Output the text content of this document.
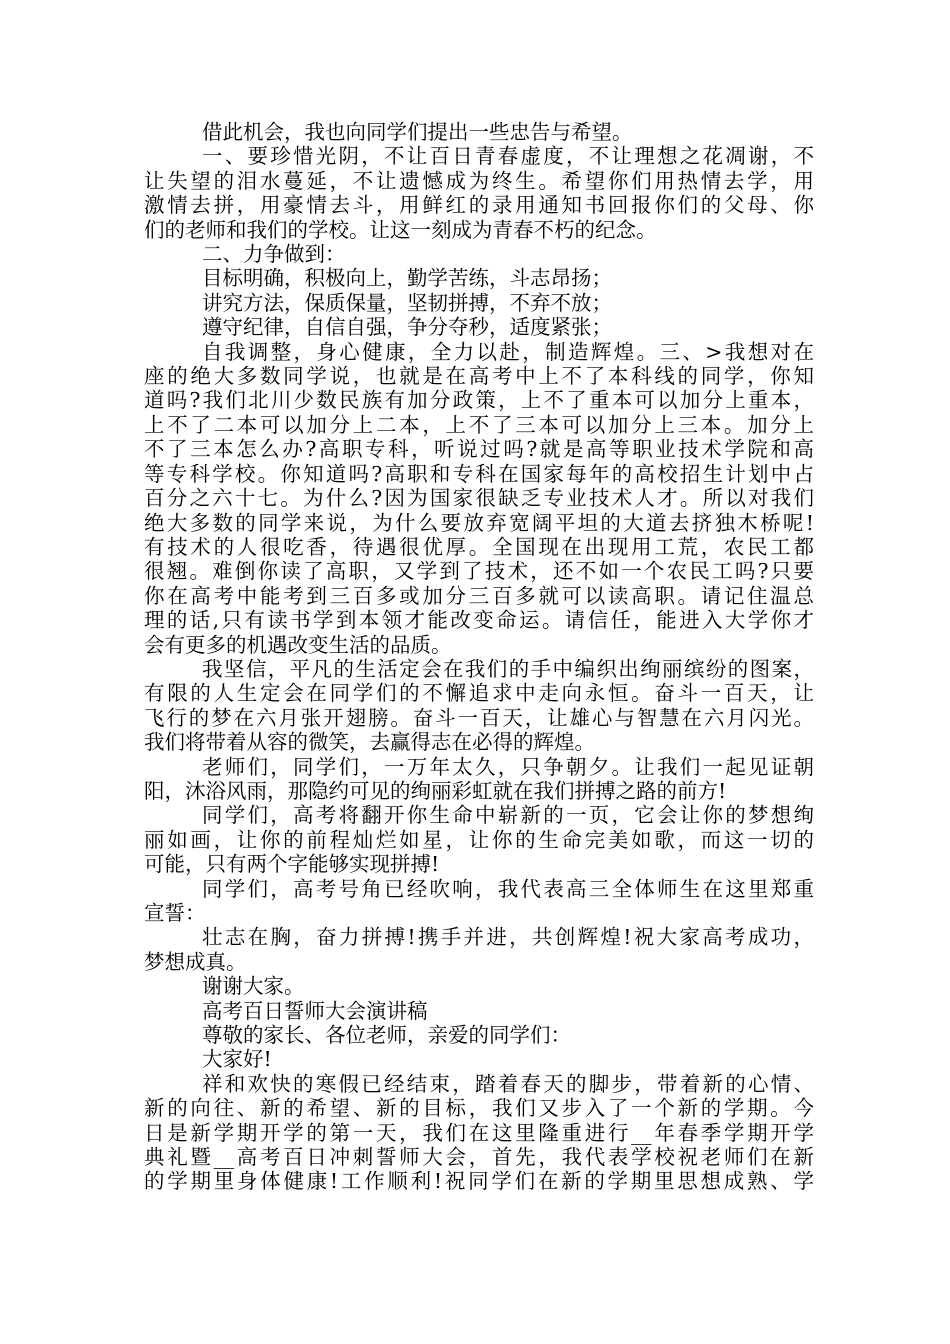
借此机会，我也向同学们提出一些忠告与希望。
一、要珍惜光阴，不让百日青春虚度，不让理想之花凋谢，不
让失望的泪水蔓延，不让遗憾成为终生。希望你们用热情去学，用
激情去拼，用豪情去斗，用鲜红的录用通知书回报你们的父母、你
们的老师和我们的学校。让这一刻成为青春不朽的纪念。
二、力争做到：
目标明确，积极向上，勤学苦练，斗志昂扬；
讲究方法，保质保量，坚韧拼搏，不弃不放；
遵守纪律，自信自强，争分夺秒，适度紧张；
自我调整，身心健康，全力以赴，制造辉煌。三、>我想对在
座的绝大多数同学说，也就是在高考中上不了本科线的同学，你知
道吗?我们北川少数民族有加分政策，上不了重本可以加分上重本，
上不了二本可以加分上二本，上不了三本可以加分上三本。加分上
不了三本怎么办?高职专科，听说过吗?就是高等职业技术学院和高
等专科学校。你知道吗?高职和专科在国家每年的高校招生计划中占
百分之六十七。为什么?因为国家很缺乏专业技术人才。所以对我们
绝大多数的同学来说，为什么要放弃宽阔平坦的大道去挤独木桥呢!
有技术的人很吃香，待遇很优厚。全国现在出现用工荒，农民工都
很翘。难倒你读了高职，又学到了技术，还不如一个农民工吗?只要
你在高考中能考到三百多或加分三百多就可以读高职。请记住温总
理的话,只有读书学到本领才能改变命运。请信任，能进入大学你才
会有更多的机遇改变生活的品质。
我坚信，平凡的生活定会在我们的手中编织出绚丽缤纷的图案，
有限的人生定会在同学们的不懈追求中走向永恒。奋斗一百天，让
飞行的梦在六月张开翅膀。奋斗一百天，让雄心与智慧在六月闪光。
我们将带着从容的微笑，去赢得志在必得的辉煌。
老师们，同学们，一万年太久，只争朝夕。让我们一起见证朝
阳，沐浴风雨，那隐约可见的绚丽彩虹就在我们拼搏之路的前方!
同学们，高考将翻开你生命中崭新的一页，它会让你的梦想绚
丽如画，让你的前程灿烂如星，让你的生命完美如歌，而这一切的
可能，只有两个字能够实现拼搏!
同学们，高考号角已经吹响，我代表高三全体师生在这里郑重
宣誓：
壮志在胸，奋力拼搏!携手并进，共创辉煌!祝大家高考成功，
梦想成真。
谢谢大家。
高考百日誓师大会演讲稿
尊敬的家长、各位老师，亲爱的同学们：
大家好!
祥和欢快的寒假已经结束，踏着春天的脚步，带着新的心情、
新的向往、新的希望、新的目标，我们又步入了一个新的学期。今
日是新学期开学的第一天，我们在这里隆重进行__年春季学期开学
典礼暨__高考百日冲刺誓师大会，首先，我代表学校祝老师们在新
的学期里身体健康!工作顺利!祝同学们在新的学期里思想成熟、学
